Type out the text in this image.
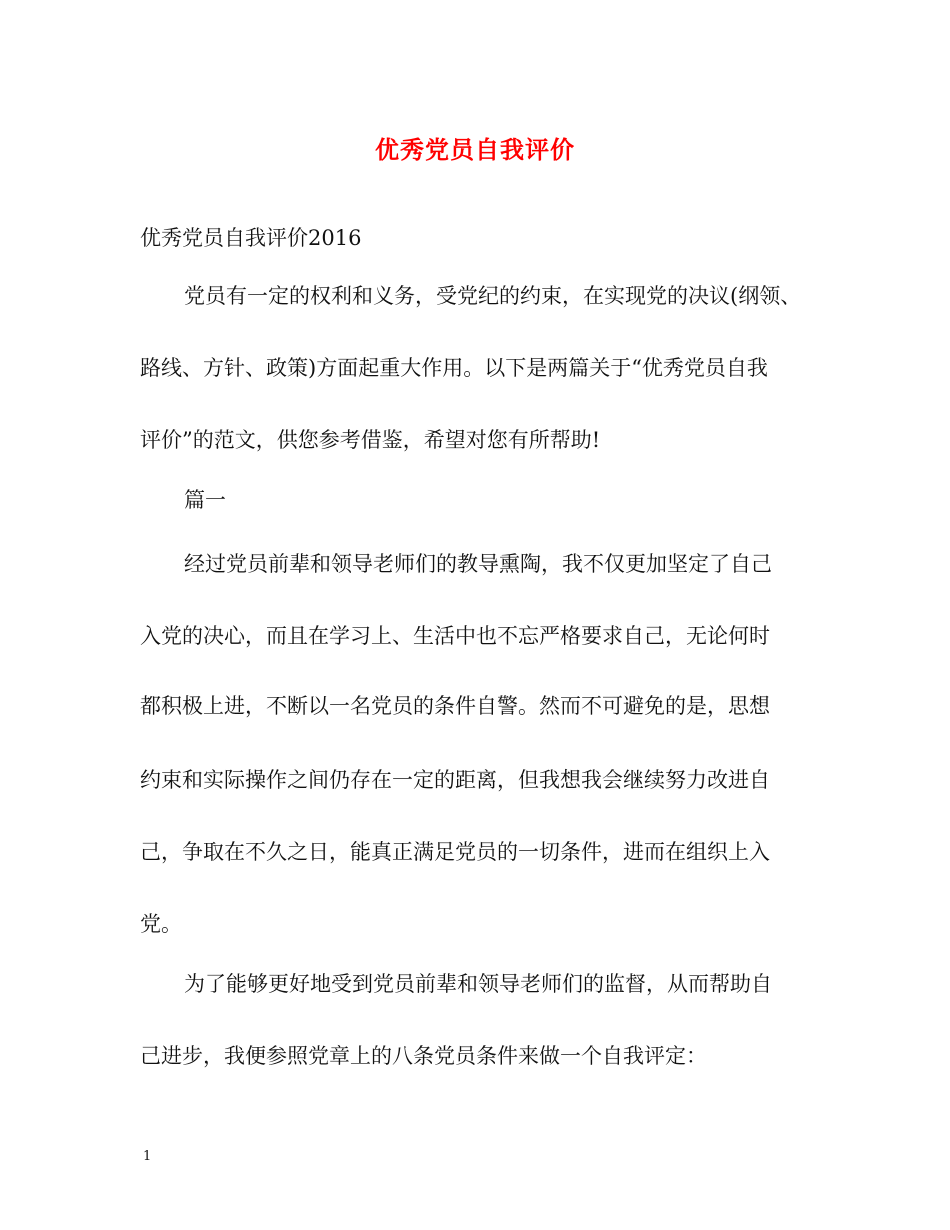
优秀党员自我评价
优秀党员自我评价2016
党员有一定的权利和义务，受党纪的约束，在实现党的决议(纲领、
路线、方针、政策)方面起重大作用。以下是两篇关于“优秀党员自我
评价”的范文，供您参考借鉴，希望对您有所帮助!
篇一
经过党员前辈和领导老师们的教导熏陶，我不仅更加坚定了自己
入党的决心，而且在学习上、生活中也不忘严格要求自己，无论何时
都积极上进，不断以一名党员的条件自警。然而不可避免的是，思想
约束和实际操作之间仍存在一定的距离，但我想我会继续努力改进自
己，争取在不久之日，能真正满足党员的一切条件，进而在组织上入
党。
为了能够更好地受到党员前辈和领导老师们的监督，从而帮助自
己进步，我便参照党章上的八条党员条件来做一个自我评定：
1
